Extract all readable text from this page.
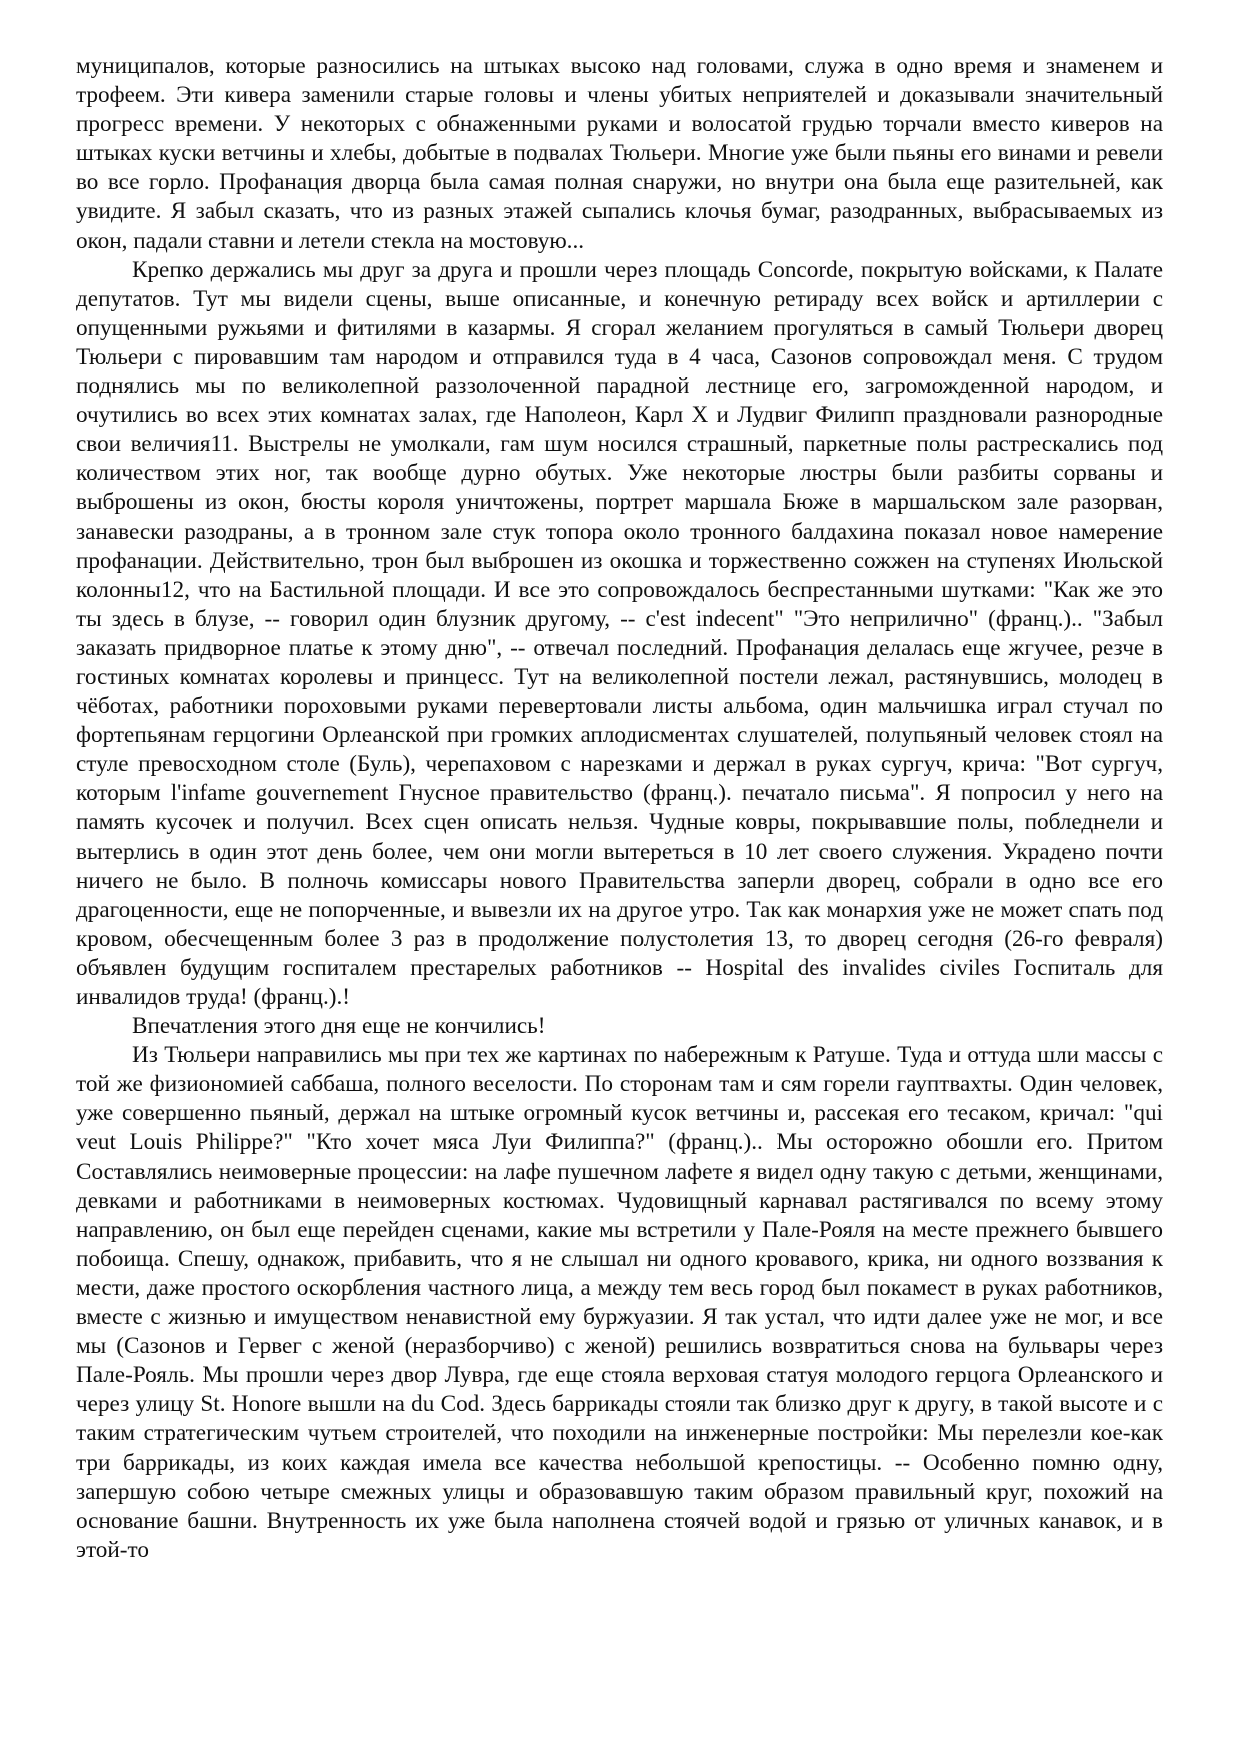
муниципалов, которые разносились на штыках высоко над головами, служа в одно время и знаменем и трофеем. Эти кивера заменили старые головы и члены убитых неприятелей и доказывали значительный прогресс времени. У некоторых с обнаженными руками и волосатой грудью торчали вместо киверов на штыках куски ветчины и хлебы, добытые в подвалах Тюльери. Многие уже были пьяны его винами и ревели во все горло. Профанация дворца была самая полная снаружи, но внутри она была еще разительней, как увидите. Я забыл сказать, что из разных этажей сыпались клочья бумаг, разодранных, выбрасываемых из окон, падали ставни и летели стекла на мостовую...

Крепко держались мы друг за друга и прошли через площадь Concorde, покрытую войсками, к Палате депутатов. Тут мы видели сцены, выше описанные, и конечную ретираду всех войск и артиллерии с опущенными ружьями и фитилями в казармы. Я сгорал желанием прогуляться в самый Тюльери дворец Тюльери с пировавшим там народом и отправился туда в 4 часа, Сазонов сопровождал меня. С трудом поднялись мы по великолепной раззолоченной парадной лестнице его, загроможденной народом, и очутились во всех этих комнатах залах, где Наполеон, Карл X и Лудвиг Филипп праздновали разнородные свои величия11. Выстрелы не умолкали, гам шум носился страшный, паркетные полы растрескались под количеством этих ног, так вообще дурно обутых. Уже некоторые люстры были разбиты сорваны и выброшены из окон, бюсты короля уничтожены, портрет маршала Бюже в маршальском зале разорван, занавески разодраны, а в тронном зале стук топора около тронного балдахина показал новое намерение профанации. Действительно, трон был выброшен из окошка и торжественно сожжен на ступенях Июльской колонны12, что на Бастильной площади. И все это сопровождалось беспрестанными шутками: "Как же это ты здесь в блузе, -- говорил один блузник другому, -- c'est indecent" "Это неприлично" (франц.).. "Забыл заказать придворное платье к этому дню", -- отвечал последний. Профанация делалась еще жгучее, резче в гостиных комнатах королевы и принцесс. Тут на великолепной постели лежал, растянувшись, молодец в чёботах, работники пороховыми руками перевертовали листы альбома, один мальчишка играл стучал по фортепьянам герцогини Орлеанской при громких аплодисментах слушателей, полупьяный человек стоял на стуле превосходном столе (Буль), черепаховом с нарезками и держал в руках сургуч, крича: "Вот сургуч, которым l'infame gouvernement Гнусное правительство (франц.). печатало письма". Я попросил у него на память кусочек и получил. Всех сцен описать нельзя. Чудные ковры, покрывавшие полы, побледнели и вытерлись в один этот день более, чем они могли вытереться в 10 лет своего служения. Украдено почти ничего не было. В полночь комиссары нового Правительства заперли дворец, собрали в одно все его драгоценности, еще не попорченные, и вывезли их на другое утро. Так как монархия уже не может спать под кровом, обесчещенным более 3 раз в продолжение полустолетия 13, то дворец сегодня (26-го февраля) объявлен будущим госпиталем престарелых работников -- Hospital des invalides civiles Госпиталь для инвалидов труда! (франц.).!

Впечатления этого дня еще не кончились!

Из Тюльери направились мы при тех же картинах по набережным к Ратуше. Туда и оттуда шли массы с той же физиономией саббаша, полного веселости. По сторонам там и сям горели гауптвахты. Один человек, уже совершенно пьяный, держал на штыке огромный кусок ветчины и, рассекая его тесаком, кричал: "qui veut Louis Philippe?" "Кто хочет мяса Луи Филиппа?" (франц.).. Мы осторожно обошли его. Притом Составлялись неимоверные процессии: на лафе пушечном лафете я видел одну такую с детьми, женщинами, девками и работниками в неимоверных костюмах. Чудовищный карнавал растягивался по всему этому направлению, он был еще перейден сценами, какие мы встретили у Пале-Рояля на месте прежнего бывшего побоища. Спешу, однакож, прибавить, что я не слышал ни одного кровавого, крика, ни одного воззвания к мести, даже простого оскорбления частного лица, а между тем весь город был покамест в руках работников, вместе с жизнью и имуществом ненавистной ему буржуазии. Я так устал, что идти далее уже не мог, и все мы (Сазонов и Гервег с женой (неразборчиво) с женой) решились возвратиться снова на бульвары через Пале-Рояль. Мы прошли через двор Лувра, где еще стояла верховая статуя молодого герцога Орлеанского и через улицу St. Honore вышли на du Cod. Здесь баррикады стояли так близко друг к другу, в такой высоте и с таким стратегическим чутьем строителей, что походили на инженерные постройки: Мы перелезли кое-как три баррикады, из коих каждая имела все качества небольшой крепостицы. -- Особенно помню одну, запершую собою четыре смежных улицы и образовавшую таким образом правильный круг, похожий на основание башни. Внутренность их уже была наполнена стоячей водой и грязью от уличных канавок, и в этой-то
